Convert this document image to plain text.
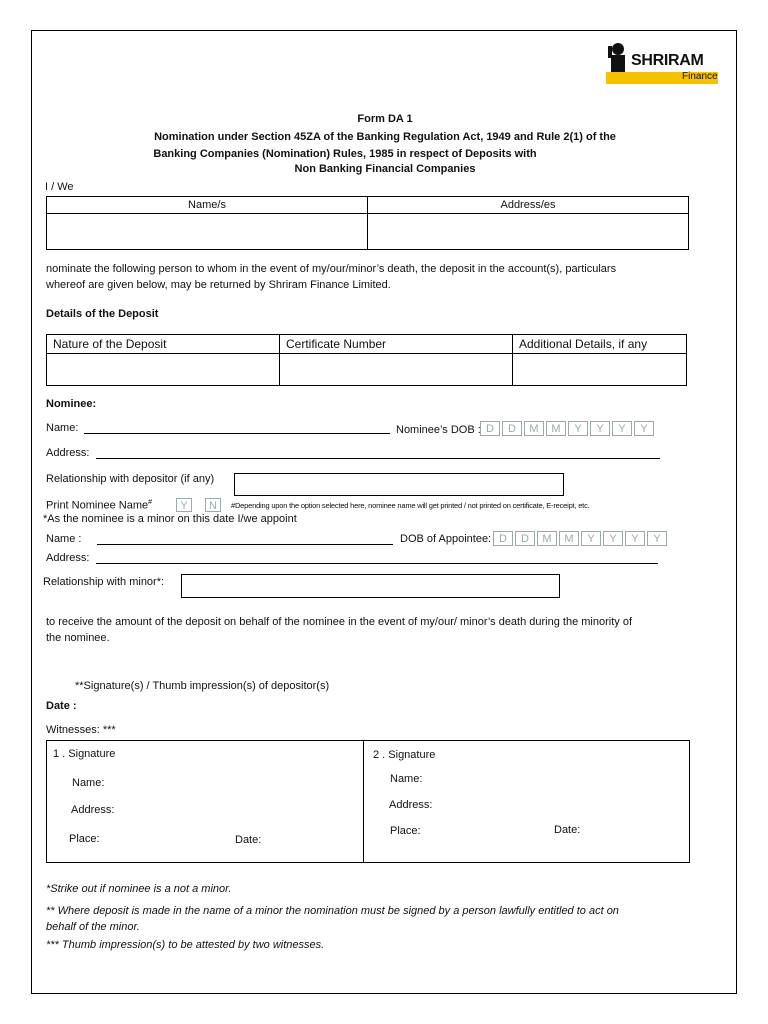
SHRIRAM
Finance
Form DA 1
Nomination under Section 45ZA of the Banking Regulation Act, 1949 and Rule 2(1) of the
Banking Companies (Nomination) Rules, 1985 in respect of Deposits with
Non Banking Financial Companies
I / We
Name/s	Address/es

nominate the following person to whom in the event of my/our/minor’s death, the deposit in the account(s), particulars
whereof are given below, may be returned by Shriram Finance Limited.
Details of the Deposit
Nature of the Deposit	Certificate Number	Additional Details, if any

Nominee:
Name:	Nominee’s DOB : D D M M Y Y Y Y
Address:
Relationship with depositor (if any)
Print Nominee Name#	Y	N	#Depending upon the option selected here, nominee name will get printed / not printed on certificate, E-receipt, etc.
*As the nominee is a minor on this date I/we appoint
Name :	DOB of Appointee: D D M M Y Y Y Y
Address:
Relationship with minor*:
to receive the amount of the deposit on behalf of the nominee in the event of my/our/ minor’s death during the minority of
the nominee.
**Signature(s) / Thumb impression(s) of depositor(s)
Date :
Witnesses: ***
1 . Signature
Name:
Address:
Place:	Date:
2 . Signature
Name:
Address:
Place:	Date:
*Strike out if nominee is a not a minor.
** Where deposit is made in the name of a minor the nomination must be signed by a person lawfully entitled to act on
behalf of the minor.
*** Thumb impression(s) to be attested by two witnesses.
